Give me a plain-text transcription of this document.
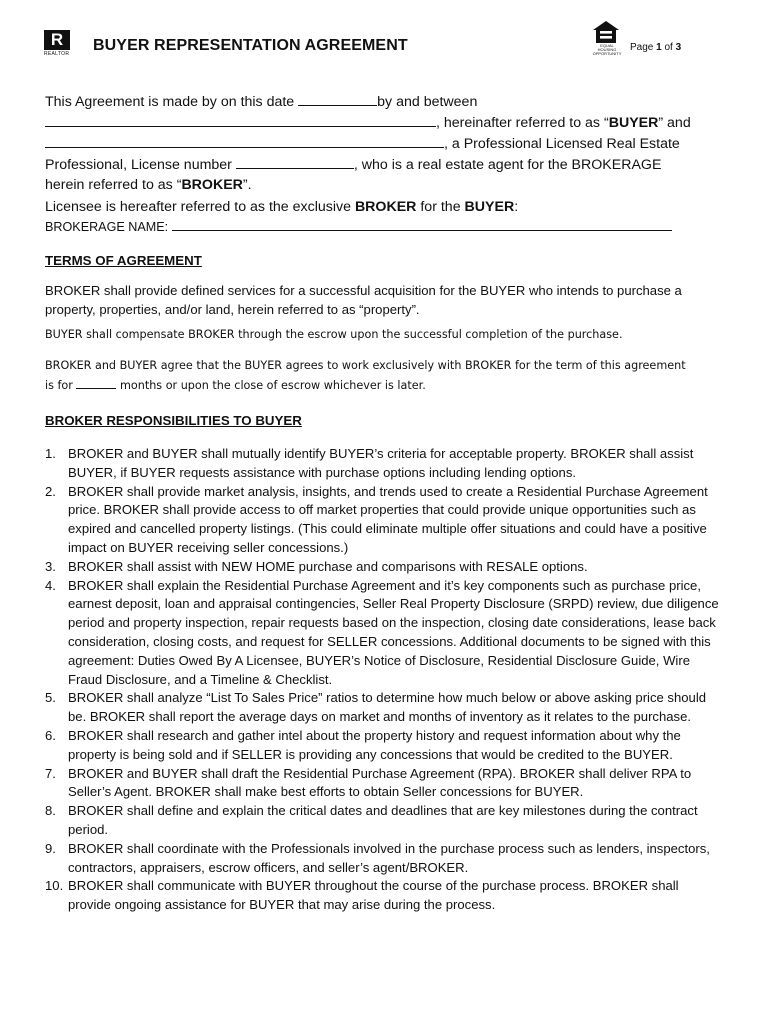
R
REALTOR BUYER REPRESENTATION AGREEMENT	EQUAL HOUSING OPPORTUNITY
Page 1 of 3
This Agreement is made by on this date	by and between
, hereinafter referred to as “BUYER” and
, a Professional Licensed Real Estate
Professional, License number	, who is a real estate agent for the BROKERAGE
herein referred to as “BROKER”.
Licensee is hereafter referred to as the exclusive BROKER for the BUYER:
BROKERAGE NAME:
TERMS OF AGREEMENT
BROKER shall provide defined services for a successful acquisition for the BUYER who intends to purchase a property, properties, and/or land, herein referred to as “property”.
BUYER shall compensate BROKER through the escrow upon the successful completion of the purchase.
BROKER and BUYER agree that the BUYER agrees to work exclusively with BROKER for the term of this agreement
is for	months or upon the close of escrow whichever is later.
BROKER RESPONSIBILITIES TO BUYER
1. BROKER and BUYER shall mutually identify BUYER’s criteria for acceptable property. BROKER shall assist BUYER, if BUYER requests assistance with purchase options including lending options.
2. BROKER shall provide market analysis, insights, and trends used to create a Residential Purchase Agreement price. BROKER shall provide access to off market properties that could provide unique opportunities such as expired and cancelled property listings. (This could eliminate multiple offer situations and could have a positive impact on BUYER receiving seller concessions.)
3. BROKER shall assist with NEW HOME purchase and comparisons with RESALE options.
4. BROKER shall explain the Residential Purchase Agreement and it’s key components such as purchase price, earnest deposit, loan and appraisal contingencies, Seller Real Property Disclosure (SRPD) review, due diligence period and property inspection, repair requests based on the inspection, closing date considerations, lease back consideration, closing costs, and request for SELLER concessions. Additional documents to be signed with this agreement: Duties Owed By A Licensee, BUYER’s Notice of Disclosure, Residential Disclosure Guide, Wire Fraud Disclosure, and a Timeline & Checklist.
5. BROKER shall analyze “List To Sales Price” ratios to determine how much below or above asking price should be. BROKER shall report the average days on market and months of inventory as it relates to the purchase.
6. BROKER shall research and gather intel about the property history and request information about why the property is being sold and if SELLER is providing any concessions that would be credited to the BUYER.
7. BROKER and BUYER shall draft the Residential Purchase Agreement (RPA). BROKER shall deliver RPA to Seller’s Agent. BROKER shall make best efforts to obtain Seller concessions for BUYER.
8. BROKER shall define and explain the critical dates and deadlines that are key milestones during the contract period.
9. BROKER shall coordinate with the Professionals involved in the purchase process such as lenders, inspectors, contractors, appraisers, escrow officers, and seller’s agent/BROKER.
10. BROKER shall communicate with BUYER throughout the course of the purchase process. BROKER shall provide ongoing assistance for BUYER that may arise during the process.
